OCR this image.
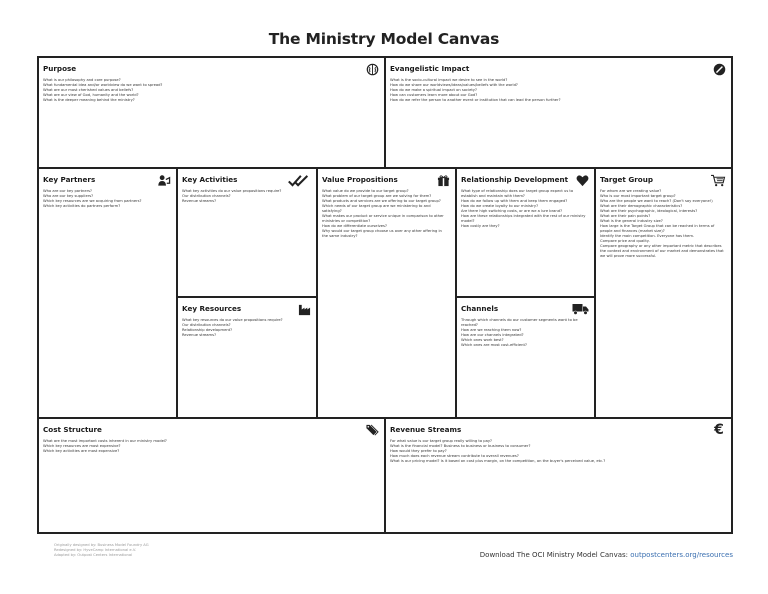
The Ministry Model Canvas
Purpose
What is our philosophy and core purpose?
What fundamental idea and/or worldview do we want to spread?
What are our most cherished values and beliefs?
What are our view of God, humanity and the world?
What is the deeper meaning behind the ministry?
Evangelistic Impact
What is the socio-cultural impact we desire to see in the world?
How do we share our worldviews/ideas/values/beliefs with the world?
How do we make a spiritual impact on society?
How can customers learn more about our God?
How do we refer the person to another event or institution that can lead the person further?
Key Partners
Who are our key partners?
Who are our key suppliers?
Which key resources are we acquiring from partners?
Which key activities do partners perform?
Key Activities
What key activities do our value propositions require?
Our distribution channels?
Revenue streams?
Key Resources
What key resources do our value propositions require?
Our distribution channels?
Relationship development?
Revenue streams?
Value Propositions
What value do we provide to our target group?
What problem of our target group are we solving for them?
What products and services are we offering to our target group?
Which needs of our target group are we ministering to and satisfying?
What makes our product or service unique in comparison to other ministries or competition?
How do we differentiate ourselves?
Why would our target group choose us over any other offering in the same industry?
Relationship Development
What type of relationship does our target group expect us to establish and maintain with them?
How do we follow up with them and keep them engaged?
How do we create loyalty to our ministry?
Are there high switching costs, or are we a lure brand?
How are these relationships integrated with the rest of our ministry model?
How costly are they?
Channels
Through which channels do our customer segments want to be reached?
How are we reaching them now?
How are our channels integrated?
Which ones work best?
Which ones are most cost-efficient?
Target Group
For whom are we creating value?
Who is our most important target group?
Who are the people we want to reach? (Don't say everyone!)
What are their demographic characteristics?
What are their psychographic, ideological, interests?
What are their pain points?
What is the general industry size?
How large is the Target Group that can be reached in terms of people and finances (market size)?
Identify the main competition. Everyone has them.
Compare price and quality.
Compare geography or any other important metric that describes the context and environment of our market and demonstrates that we will prove more successful.
Cost Structure
What are the most important costs inherent in our ministry model?
Which key resources are most expensive?
Which key activities are most expensive?
Revenue Streams	€
For what value is our target group really willing to pay?
What is the financial model? Business to business or business to consumer?
How would they prefer to pay?
How much does each revenue stream contribute to overall revenues?
What is our pricing model? Is it based on cost plus margin, on the competition, on the buyer's perceived value, etc.?
Originally designed by: Business Model Foundry AG
Redesigned by: HyveCamp International e.V.
Adapted by: Outpost Centers International	Download The OCI Ministry Model Canvas: outpostcenters.org/resources
